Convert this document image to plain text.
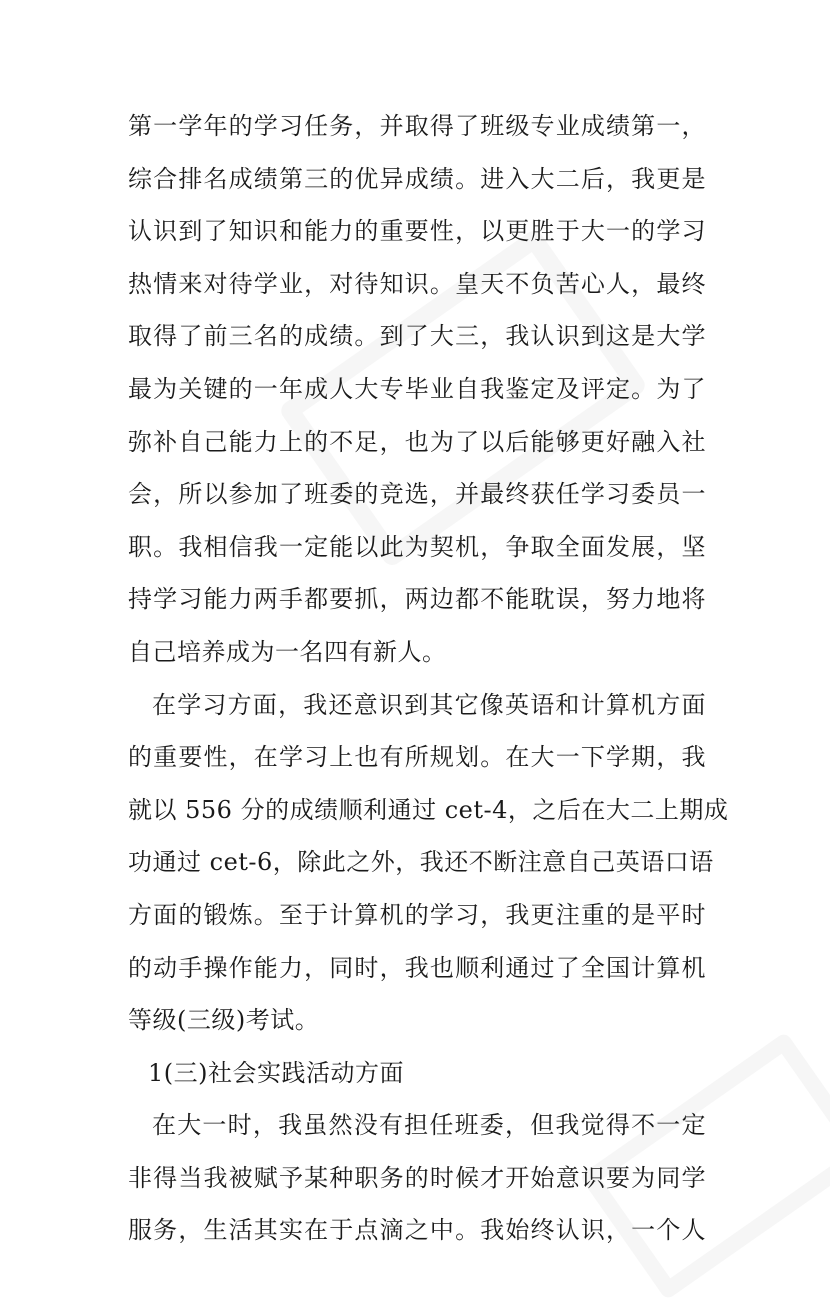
第一学年的学习任务，并取得了班级专业成绩第一，
综合排名成绩第三的优异成绩。进入大二后，我更是
认识到了知识和能力的重要性，以更胜于大一的学习
热情来对待学业，对待知识。皇天不负苦心人，最终
取得了前三名的成绩。到了大三，我认识到这是大学
最为关键的一年成人大专毕业自我鉴定及评定。为了
弥补自己能力上的不足，也为了以后能够更好融入社
会，所以参加了班委的竞选，并最终获任学习委员一
职。我相信我一定能以此为契机，争取全面发展，坚
持学习能力两手都要抓，两边都不能耽误，努力地将
自己培养成为一名四有新人。
在学习方面，我还意识到其它像英语和计算机方面
的重要性，在学习上也有所规划。在大一下学期，我
就以 556 分的成绩顺利通过 cet-4，之后在大二上期成
功通过 cet-6，除此之外，我还不断注意自己英语口语
方面的锻炼。至于计算机的学习，我更注重的是平时
的动手操作能力，同时，我也顺利通过了全国计算机
等级(三级)考试。
1(三)社会实践活动方面
在大一时，我虽然没有担任班委，但我觉得不一定
非得当我被赋予某种职务的时候才开始意识要为同学
服务，生活其实在于点滴之中。我始终认识，一个人
